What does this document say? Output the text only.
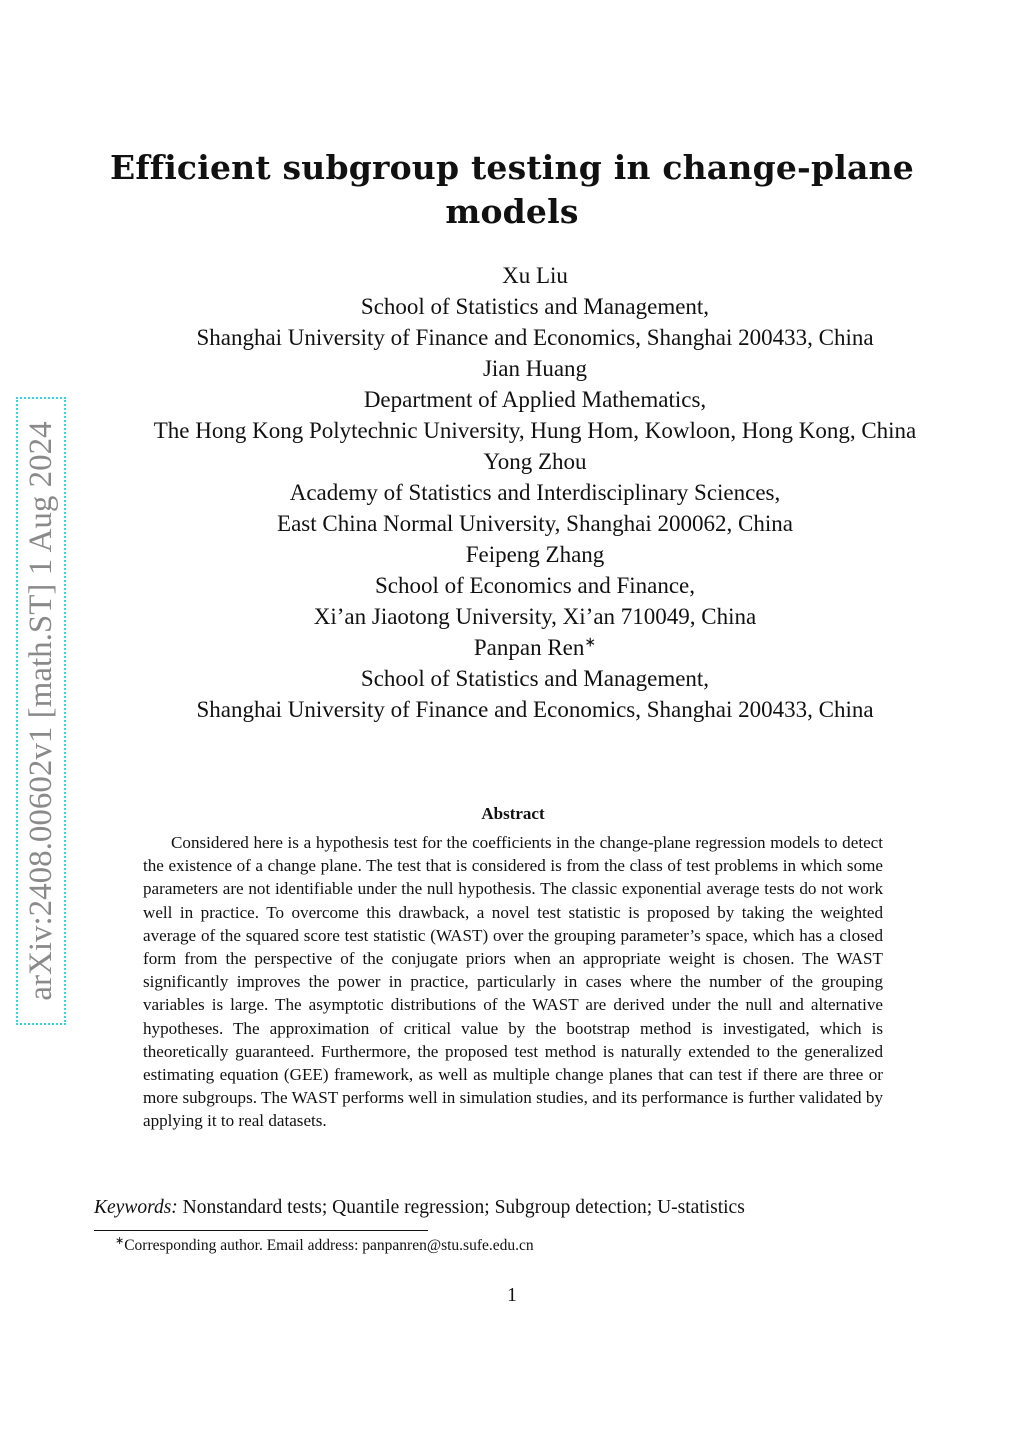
arXiv:2408.00602v1 [math.ST] 1 Aug 2024
Efficient subgroup testing in change-plane
models
Xu Liu
School of Statistics and Management,
Shanghai University of Finance and Economics, Shanghai 200433, China
Jian Huang
Department of Applied Mathematics,
The Hong Kong Polytechnic University, Hung Hom, Kowloon, Hong Kong, China
Yong Zhou
Academy of Statistics and Interdisciplinary Sciences,
East China Normal University, Shanghai 200062, China
Feipeng Zhang
School of Economics and Finance,
Xi’an Jiaotong University, Xi’an 710049, China
Panpan Ren∗
School of Statistics and Management,
Shanghai University of Finance and Economics, Shanghai 200433, China
Abstract
Considered here is a hypothesis test for the coefficients in the change-plane regression models to detect the existence of a change plane. The test that is considered is from the class of test problems in which some parameters are not identifiable under the null hypothesis. The classic exponential average tests do not work well in practice. To overcome this drawback, a novel test statistic is proposed by taking the weighted average of the squared score test statistic (WAST) over the grouping parameter’s space, which has a closed form from the perspective of the conjugate priors when an appropriate weight is chosen. The WAST significantly improves the power in practice, particularly in cases where the number of the grouping variables is large. The asymptotic distributions of the WAST are derived under the null and alternative hypotheses. The approximation of critical value by the bootstrap method is investigated, which is theoretically guaranteed. Furthermore, the proposed test method is naturally extended to the generalized estimating equation (GEE) framework, as well as multiple change planes that can test if there are three or more subgroups. The WAST performs well in simulation studies, and its performance is further validated by applying it to real datasets.
Keywords: Nonstandard tests; Quantile regression; Subgroup detection; U-statistics
∗Corresponding author. Email address: panpanren@stu.sufe.edu.cn
1
